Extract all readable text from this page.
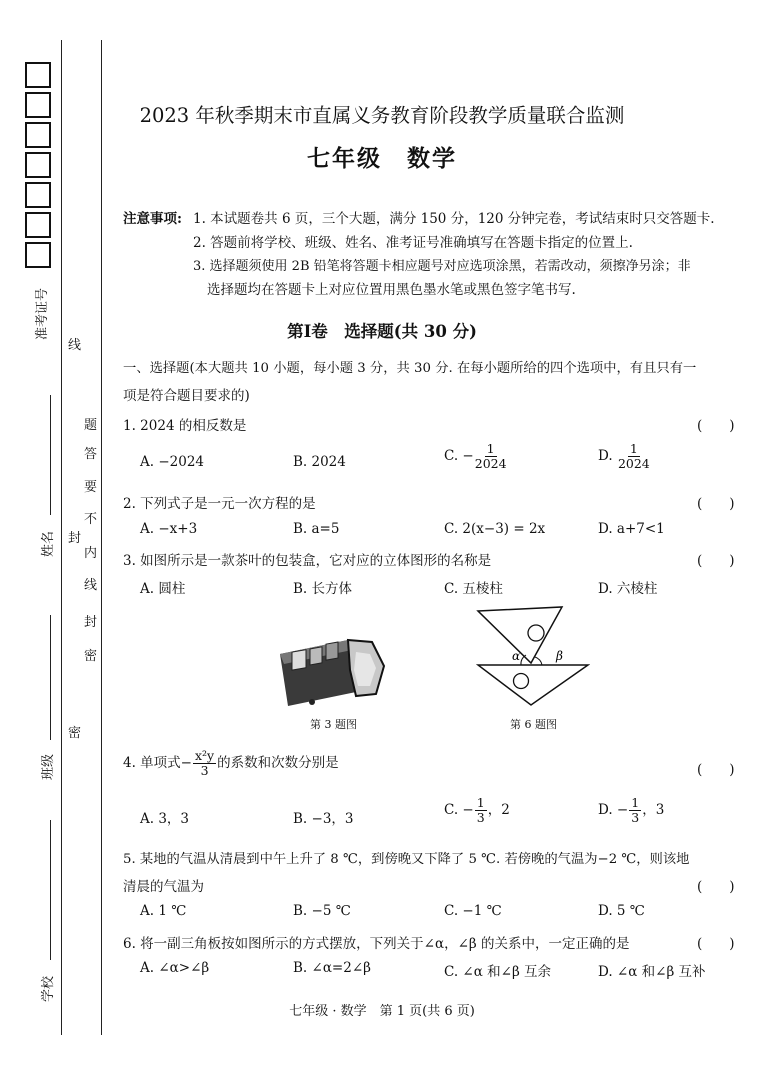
准考证号
姓名
班级
学校
线
封
密
题
答
要
不
内
线
封
密
2023 年秋季期末市直属义务教育阶段教学质量联合监测
七年级　数学
注意事项: 1. 本试题卷共 6 页，三个大题，满分 150 分，120 分钟完卷，考试结束时只交答题卡.
2. 答题前将学校、班级、姓名、准考证号准确填写在答题卡指定的位置上.
3. 选择题须使用 2B 铅笔将答题卡相应题号对应选项涂黑，若需改动，须擦净另涂；非
选择题均在答题卡上对应位置用黑色墨水笔或黑色签字笔书写.
第Ⅰ卷　选择题(共 30 分)
一、选择题(本大题共 10 小题，每小题 3 分，共 30 分. 在每小题所给的四个选项中，有且只有一
项是符合题目要求的)
1. 2024 的相反数是	(　　)
A. −2024	B. 2024	C. − $\frac{1}{2024}$	D. $\frac{1}{2024}$
2. 下列式子是一元一次方程的是	(　　)
A. −x+3	B. a=5	C. 2(x−3) = 2x	D. a+7<1
3. 如图所示是一款茶叶的包装盒，它对应的立体图形的名称是	(　　)
A. 圆柱	B. 长方体	C. 五棱柱	D. 六棱柱
第 3 题图
α	β
第 6 题图
4. 单项式− $\frac{\text{x²y}}{3}$ 的系数和次数分别是	(　　)
A. 3，3	B. −3，3
C. − $\frac{1}{3}$ ，2	D. − $\frac{1}{3}$ ，3
5. 某地的气温从清晨到中午上升了 8 ℃，到傍晚又下降了 5 ℃. 若傍晚的气温为−2 ℃，则该地
清晨的气温为	(　　)
A. 1 ℃	B. −5 ℃	C. −1 ℃	D. 5 ℃
6. 将一副三角板按如图所示的方式摆放，下列关于∠α，∠β 的关系中，一定正确的是	(　　)
A. ∠α>∠β	B. ∠α=2∠β	C. ∠α 和∠β 互余	D. ∠α 和∠β 互补
七年级 · 数学　第 1 页(共 6 页)
